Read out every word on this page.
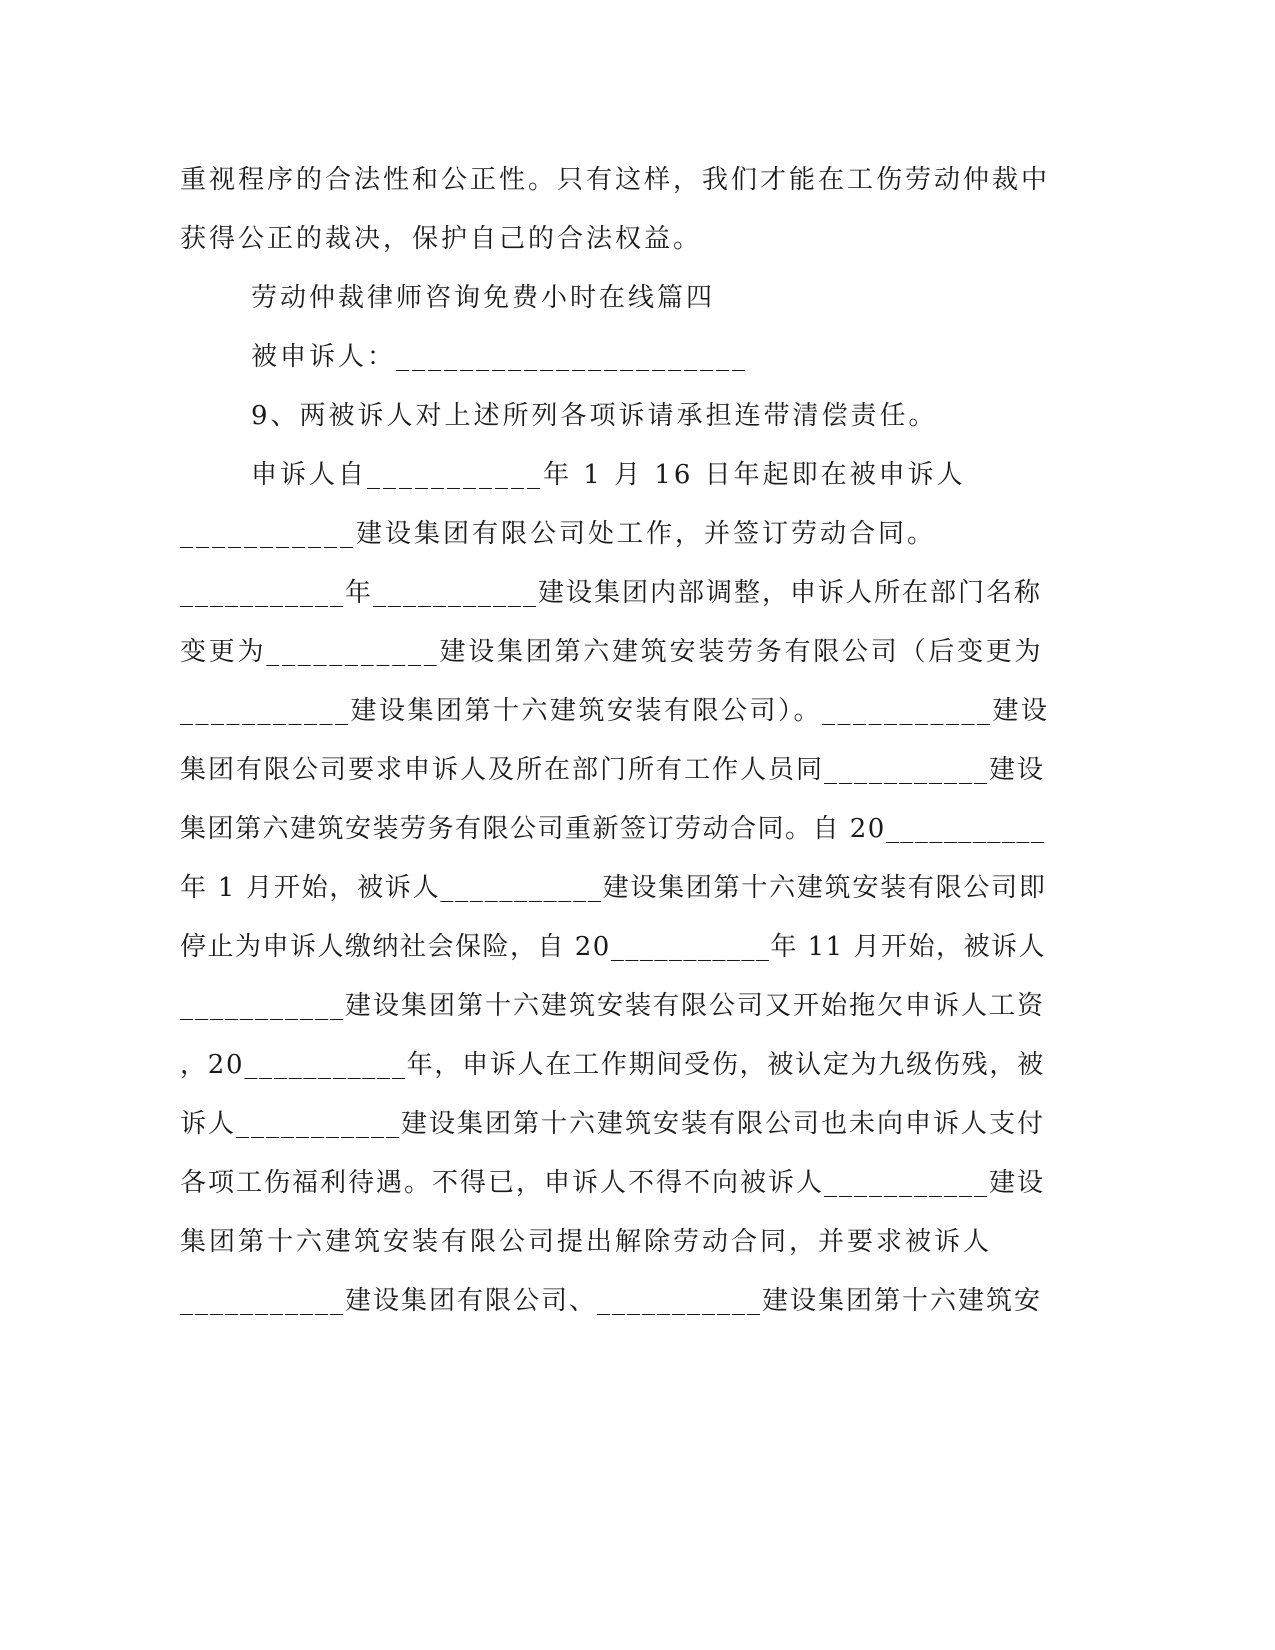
重视程序的合法性和公正性。只有这样，我们才能在工伤劳动仲裁中
获得公正的裁决，保护自己的合法权益。
劳动仲裁律师咨询免费小时在线篇四
被申诉人：______________________
9、两被诉人对上述所列各项诉请承担连带清偿责任。
申诉人自___________年 1 月 16 日年起即在被申诉人
___________建设集团有限公司处工作，并签订劳动合同。
___________年___________建设集团内部调整，申诉人所在部门名称
变更为___________建设集团第六建筑安装劳务有限公司（后变更为
___________建设集团第十六建筑安装有限公司）。___________建设
集团有限公司要求申诉人及所在部门所有工作人员同___________建设
集团第六建筑安装劳务有限公司重新签订劳动合同。自 20___________
年 1 月开始，被诉人___________建设集团第十六建筑安装有限公司即
停止为申诉人缴纳社会保险，自 20___________年 11 月开始，被诉人
___________建设集团第十六建筑安装有限公司又开始拖欠申诉人工资
，20___________年，申诉人在工作期间受伤，被认定为九级伤残，被
诉人___________建设集团第十六建筑安装有限公司也未向申诉人支付
各项工伤福利待遇。不得已，申诉人不得不向被诉人___________建设
集团第十六建筑安装有限公司提出解除劳动合同，并要求被诉人
___________建设集团有限公司、___________建设集团第十六建筑安
